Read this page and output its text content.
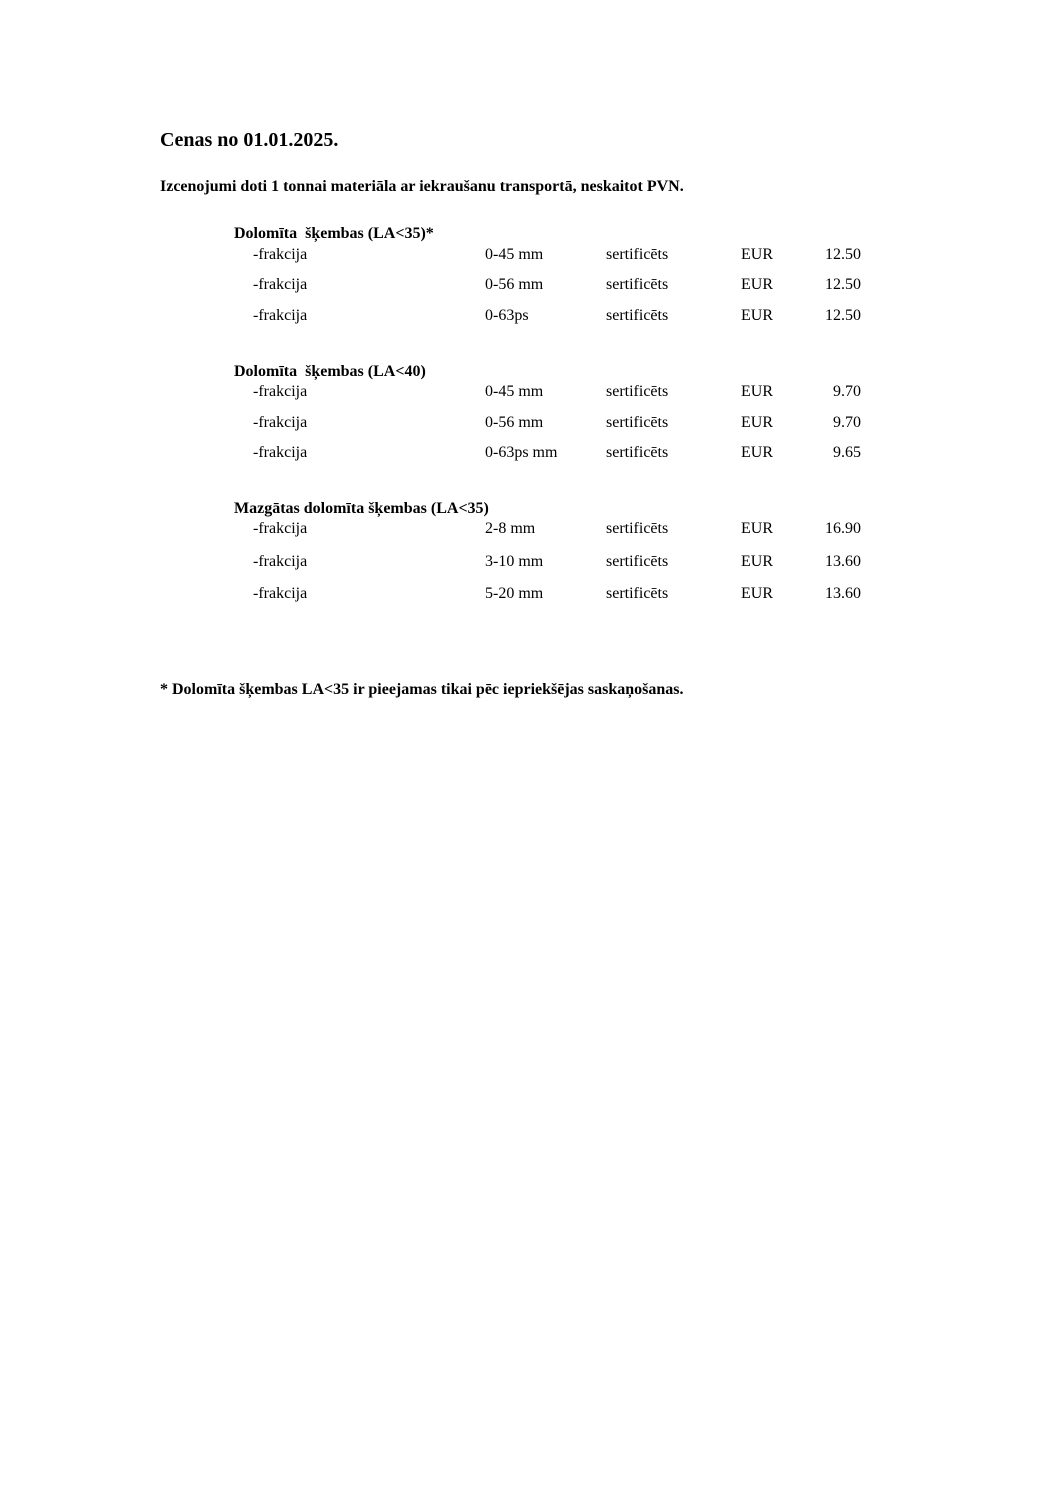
Cenas no 01.01.2025.
Izcenojumi doti 1 tonnai materiāla ar iekraušanu transportā, neskaitot PVN.
Dolomīta  šķembas (LA<35)*
-frakcija	0-45 mm	sertificēts	EUR	12.50
-frakcija	0-56 mm	sertificēts	EUR	12.50
-frakcija	0-63ps	sertificēts	EUR	12.50
Dolomīta  šķembas (LA<40)
-frakcija	0-45 mm	sertificēts	EUR	9.70
-frakcija	0-56 mm	sertificēts	EUR	9.70
-frakcija	0-63ps mm	sertificēts	EUR	9.65
Mazgātas dolomīta šķembas (LA<35)
-frakcija	2-8 mm	sertificēts	EUR	16.90
-frakcija	3-10 mm	sertificēts	EUR	13.60
-frakcija	5-20 mm	sertificēts	EUR	13.60
* Dolomīta šķembas LA<35 ir pieejamas tikai pēc iepriekšējas saskaņošanas.
